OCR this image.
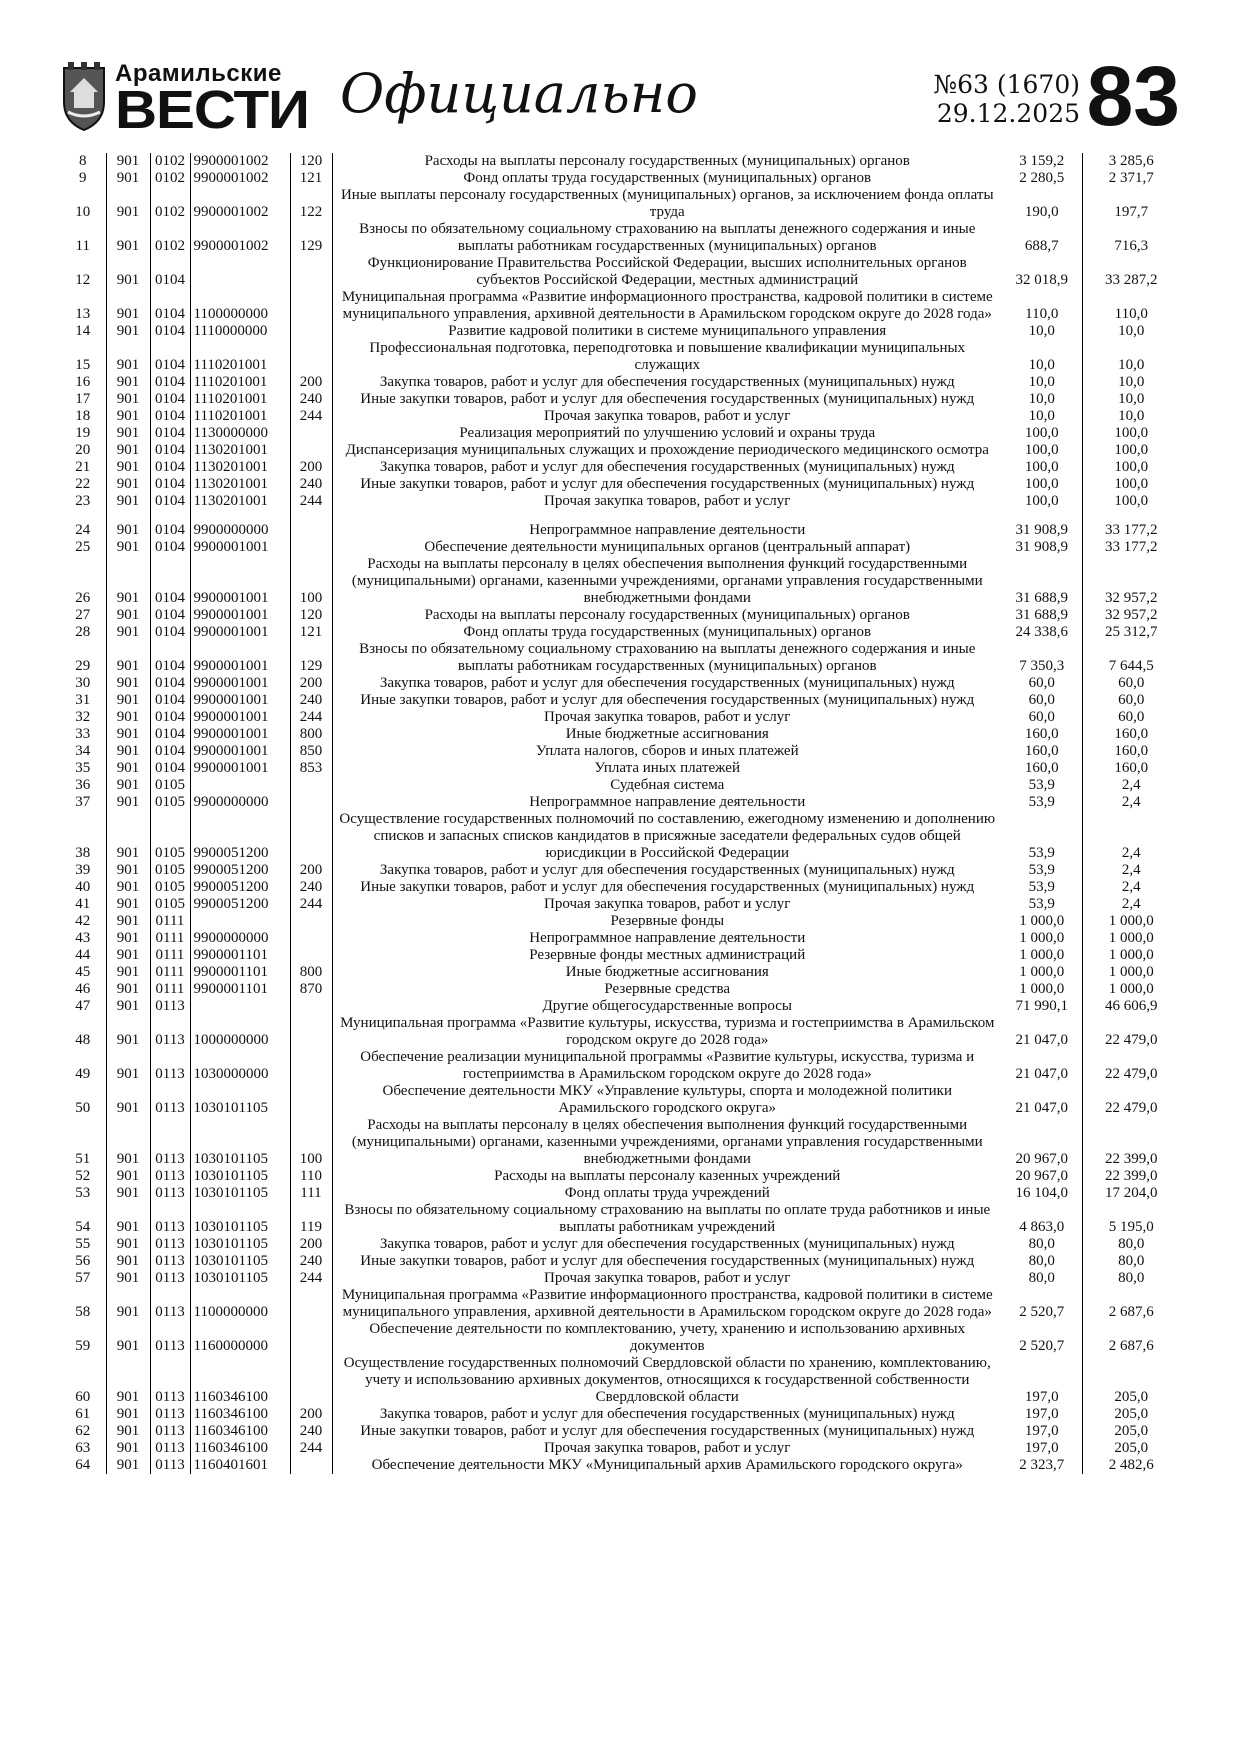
Арамильские
ВЕСТИ Официально	№63 (1670)
29.12.2025 83
8	901	0102	9900001002	120	Расходы на выплаты персоналу государственных (муниципальных) органов	3 159,2	3 285,6
9	901	0102	9900001002	121	Фонд оплаты труда государственных (муниципальных) органов	2 280,5	2 371,7
10	901	0102	9900001002	122	Иные выплаты персоналу государственных (муниципальных) органов, за исключением фонда оплаты труда	190,0	197,7
11	901	0102	9900001002	129	Взносы по обязательному социальному страхованию на выплаты денежного содержания и иные выплаты работникам государственных (муниципальных) органов	688,7	716,3
12	901	0104			Функционирование Правительства Российской Федерации, высших исполнительных органов субъектов Российской Федерации, местных администраций	32 018,9	33 287,2
13	901	0104	1100000000		Муниципальная программа «Развитие информационного пространства, кадровой политики в системе муниципального управления, архивной деятельности в Арамильском городском округе до 2028 года»	110,0	110,0
14	901	0104	1110000000		Развитие кадровой политики в системе муниципального управления	10,0	10,0
15	901	0104	1110201001		Профессиональная подготовка, переподготовка и повышение квалификации муниципальных служащих	10,0	10,0
16	901	0104	1110201001	200	Закупка товаров, работ и услуг для обеспечения государственных (муниципальных) нужд	10,0	10,0
17	901	0104	1110201001	240	Иные закупки товаров, работ и услуг для обеспечения государственных (муниципальных) нужд	10,0	10,0
18	901	0104	1110201001	244	Прочая закупка товаров, работ и услуг	10,0	10,0
19	901	0104	1130000000		Реализация мероприятий по улучшению условий и охраны труда	100,0	100,0
20	901	0104	1130201001		Диспансеризация муниципальных служащих и прохождение периодического медицинского осмотра	100,0	100,0
21	901	0104	1130201001	200	Закупка товаров, работ и услуг для обеспечения государственных (муниципальных) нужд	100,0	100,0
22	901	0104	1130201001	240	Иные закупки товаров, работ и услуг для обеспечения государственных (муниципальных) нужд	100,0	100,0
23	901	0104	1130201001	244	Прочая закупка товаров, работ и услуг	100,0	100,0

24	901	0104	9900000000		Непрограммное направление деятельности	31 908,9	33 177,2
25	901	0104	9900001001		Обеспечение деятельности муниципальных органов (центральный аппарат)	31 908,9	33 177,2
26	901	0104	9900001001	100	Расходы на выплаты персоналу в целях обеспечения выполнения функций государственными (муниципальными) органами, казенными учреждениями, органами управления государственными внебюджетными фондами	31 688,9	32 957,2
27	901	0104	9900001001	120	Расходы на выплаты персоналу государственных (муниципальных) органов	31 688,9	32 957,2
28	901	0104	9900001001	121	Фонд оплаты труда государственных (муниципальных) органов	24 338,6	25 312,7
29	901	0104	9900001001	129	Взносы по обязательному социальному страхованию на выплаты денежного содержания и иные выплаты работникам государственных (муниципальных) органов	7 350,3	7 644,5
30	901	0104	9900001001	200	Закупка товаров, работ и услуг для обеспечения государственных (муниципальных) нужд	60,0	60,0
31	901	0104	9900001001	240	Иные закупки товаров, работ и услуг для обеспечения государственных (муниципальных) нужд	60,0	60,0
32	901	0104	9900001001	244	Прочая закупка товаров, работ и услуг	60,0	60,0
33	901	0104	9900001001	800	Иные бюджетные ассигнования	160,0	160,0
34	901	0104	9900001001	850	Уплата налогов, сборов и иных платежей	160,0	160,0
35	901	0104	9900001001	853	Уплата иных платежей	160,0	160,0
36	901	0105			Судебная система	53,9	2,4
37	901	0105	9900000000		Непрограммное направление деятельности	53,9	2,4
38	901	0105	9900051200		Осуществление государственных полномочий по составлению, ежегодному изменению и дополнению списков и запасных списков кандидатов в присяжные заседатели федеральных судов общей юрисдикции в Российской Федерации	53,9	2,4
39	901	0105	9900051200	200	Закупка товаров, работ и услуг для обеспечения государственных (муниципальных) нужд	53,9	2,4
40	901	0105	9900051200	240	Иные закупки товаров, работ и услуг для обеспечения государственных (муниципальных) нужд	53,9	2,4
41	901	0105	9900051200	244	Прочая закупка товаров, работ и услуг	53,9	2,4
42	901	0111			Резервные фонды	1 000,0	1 000,0
43	901	0111	9900000000		Непрограммное направление деятельности	1 000,0	1 000,0
44	901	0111	9900001101		Резервные фонды местных администраций	1 000,0	1 000,0
45	901	0111	9900001101	800	Иные бюджетные ассигнования	1 000,0	1 000,0
46	901	0111	9900001101	870	Резервные средства	1 000,0	1 000,0
47	901	0113			Другие общегосударственные вопросы	71 990,1	46 606,9
48	901	0113	1000000000		Муниципальная программа «Развитие культуры, искусства, туризма и гостеприимства в Арамильском городском округе до 2028 года»	21 047,0	22 479,0
49	901	0113	1030000000		Обеспечение реализации муниципальной программы «Развитие культуры, искусства, туризма и гостеприимства в Арамильском городском округе до 2028 года»	21 047,0	22 479,0
50	901	0113	1030101105		Обеспечение деятельности МКУ «Управление культуры, спорта и молодежной политики Арамильского городского округа»	21 047,0	22 479,0
51	901	0113	1030101105	100	Расходы на выплаты персоналу в целях обеспечения выполнения функций государственными (муниципальными) органами, казенными учреждениями, органами управления государственными внебюджетными фондами	20 967,0	22 399,0
52	901	0113	1030101105	110	Расходы на выплаты персоналу казенных учреждений	20 967,0	22 399,0
53	901	0113	1030101105	111	Фонд оплаты труда учреждений	16 104,0	17 204,0
54	901	0113	1030101105	119	Взносы по обязательному социальному страхованию на выплаты по оплате труда работников и иные выплаты работникам учреждений	4 863,0	5 195,0
55	901	0113	1030101105	200	Закупка товаров, работ и услуг для обеспечения государственных (муниципальных) нужд	80,0	80,0
56	901	0113	1030101105	240	Иные закупки товаров, работ и услуг для обеспечения государственных (муниципальных) нужд	80,0	80,0
57	901	0113	1030101105	244	Прочая закупка товаров, работ и услуг	80,0	80,0
58	901	0113	1100000000		Муниципальная программа «Развитие информационного пространства, кадровой политики в системе муниципального управления, архивной деятельности в Арамильском городском округе до 2028 года»	2 520,7	2 687,6
59	901	0113	1160000000		Обеспечение деятельности по комплектованию, учету, хранению и использованию архивных документов	2 520,7	2 687,6
60	901	0113	1160346100		Осуществление государственных полномочий Свердловской области по хранению, комплектованию, учету и использованию архивных документов, относящихся к государственной собственности Свердловской области	197,0	205,0
61	901	0113	1160346100	200	Закупка товаров, работ и услуг для обеспечения государственных (муниципальных) нужд	197,0	205,0
62	901	0113	1160346100	240	Иные закупки товаров, работ и услуг для обеспечения государственных (муниципальных) нужд	197,0	205,0
63	901	0113	1160346100	244	Прочая закупка товаров, работ и услуг	197,0	205,0
64	901	0113	1160401601		Обеспечение деятельности МКУ «Муниципальный архив Арамильского городского округа»	2 323,7	2 482,6
